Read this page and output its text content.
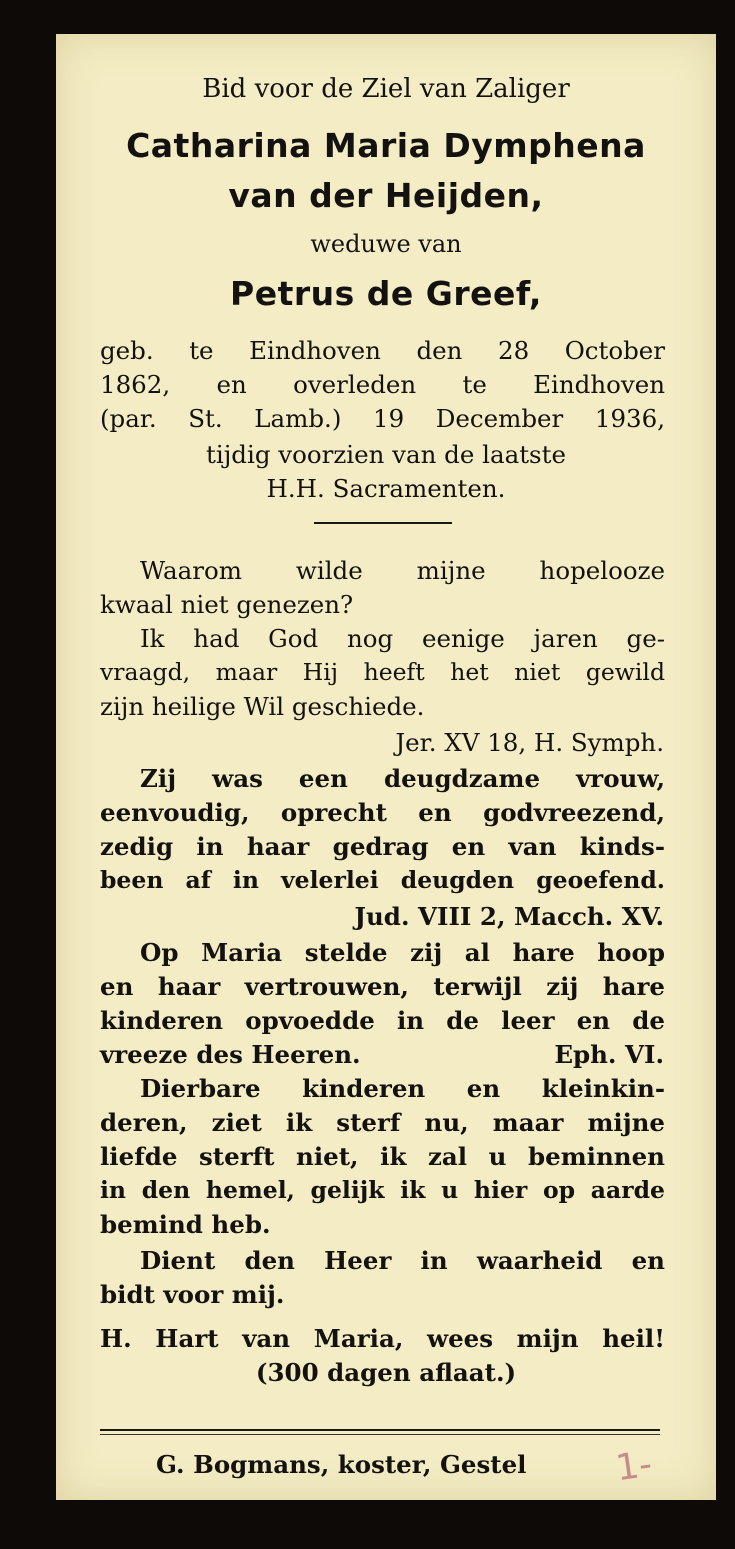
Bid voor de Ziel van Zaliger

Catharina Maria Dymphena

van der Heijden,

weduwe van

Petrus de Greef,

geb. te Eindhoven den 28 October

1862, en overleden te Eindhoven

(par. St. Lamb.) 19 December 1936,

tijdig voorzien van de laatste

H.H. Sacramenten.

Waarom wilde mijne hopelooze

kwaal niet genezen?

Ik had God nog eenige jaren ge-

vraagd, maar Hij heeft het niet gewild

zijn heilige Wil geschiede.

Jer. XV 18, H. Symph.

Zij was een deugdzame vrouw,

eenvoudig, oprecht en godvreezend,

zedig in haar gedrag en van kinds-

been af in velerlei deugden geoefend.

Jud. VIII 2, Macch. XV.

Op Maria stelde zij al hare hoop

en haar vertrouwen, terwijl zij hare

kinderen opvoedde in de leer en de

vreeze des Heeren.	Eph. VI.

Dierbare kinderen en kleinkin-

deren, ziet ik sterf nu, maar mijne

liefde sterft niet, ik zal u beminnen

in den hemel, gelijk ik u hier op aarde

bemind heb.

Dient den Heer in waarheid en

bidt voor mij.

H. Hart van Maria, wees mijn heil!

(300 dagen aflaat.)

G. Bogmans, koster, Gestel 1-
